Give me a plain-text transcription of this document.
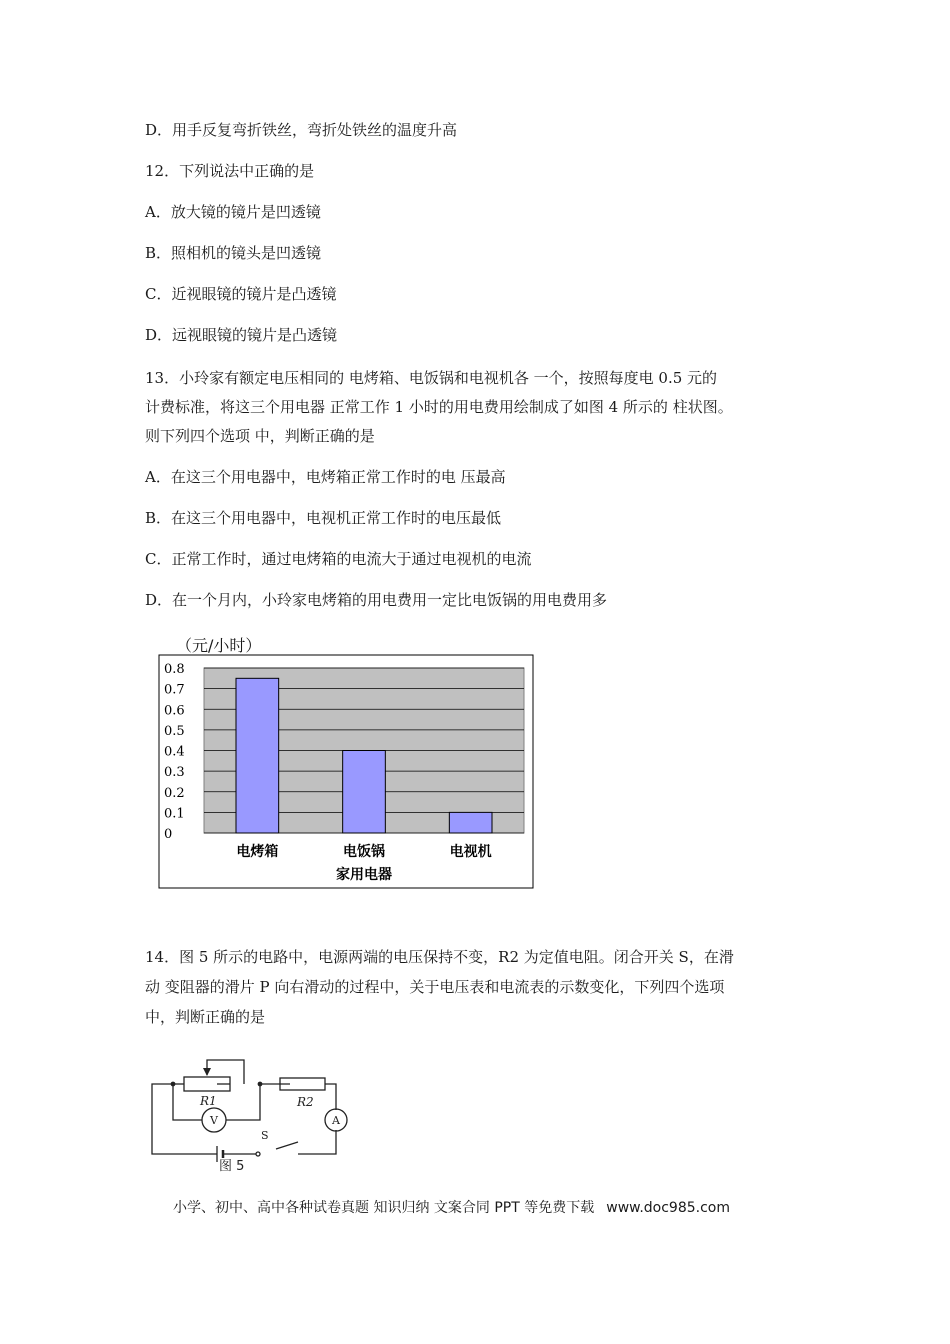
D．用手反复弯折铁丝，弯折处铁丝的温度升高
12．下列说法中正确的是
A．放大镜的镜片是凹透镜
B．照相机的镜头是凹透镜
C．近视眼镜的镜片是凸透镜
D．远视眼镜的镜片是凸透镜
13．小玲家有额定电压相同的 电烤箱、电饭锅和电视机各 一个，按照每度电 0.5 元的
计费标准，将这三个用电器 正常工作 1 小时的用电费用绘制成了如图 4 所示的 柱状图。
则下列四个选项 中，判断正确的是
A．在这三个用电器中，电烤箱正常工作时的电 压最高
B．在这三个用电器中，电视机正常工作时的电压最低
C．正常工作时，通过电烤箱的电流大于通过电视机的电流
D．在一个月内，小玲家电烤箱的用电费用一定比电饭锅的用电费用多
14．图 5 所示的电路中，电源两端的电压保持不变，R2 为定值电阻。闭合开关 S，在滑
动 变阻器的滑片 P 向右滑动的过程中，关于电压表和电流表的示数变化，下列四个选项
中，判断正确的是
（元/小时）
0
0.1
0.2
0.3
0.4
0.5
0.6
0.7
0.8
电烤箱	电饭锅	电视机
家用电器
R1	R2
V	A
S
图 5
小学、初中、高中各种试卷真题 知识归纳 文案合同 PPT 等免费下载 www.doc985.com
